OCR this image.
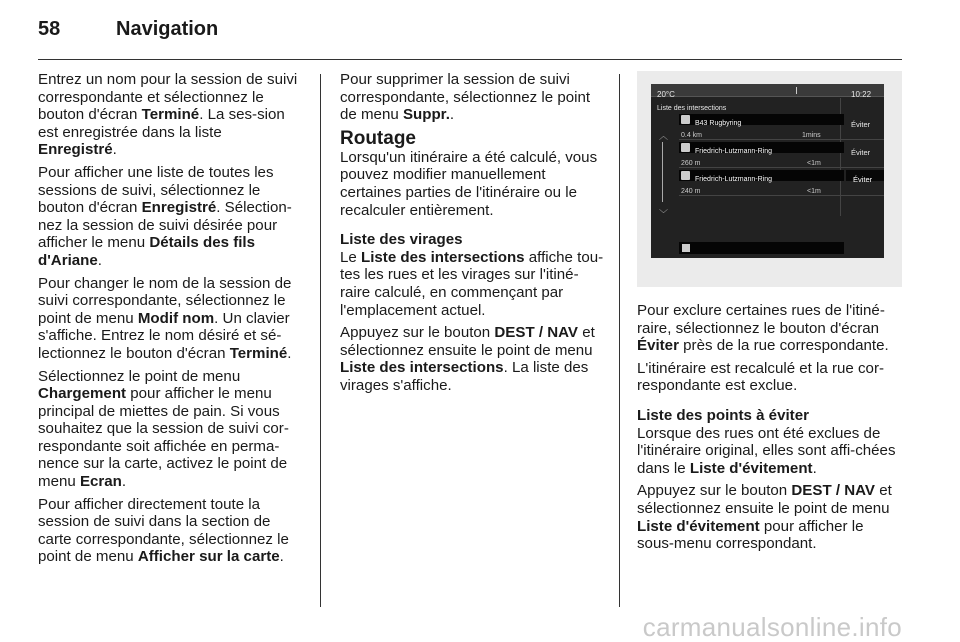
58	Navigation

Entrez un nom pour la session de suivi correspondante et sélectionnez le bouton d'écran Terminé. La ses-sion est enregistrée dans la liste Enregistré.

Pour afficher une liste de toutes les sessions de suivi, sélectionnez le bouton d'écran Enregistré. Sélection-nez la session de suivi désirée pour afficher le menu Détails des fils d'Ariane.

Pour changer le nom de la session de suivi correspondante, sélectionnez le point de menu Modif nom. Un clavier s'affiche. Entrez le nom désiré et sé-lectionnez le bouton d'écran Terminé.

Sélectionnez le point de menu Chargement pour afficher le menu principal de miettes de pain. Si vous souhaitez que la session de suivi cor-respondante soit affichée en perma-nence sur la carte, activez le point de menu Ecran.

Pour afficher directement toute la session de suivi dans la section de carte correspondante, sélectionnez le point de menu Afficher sur la carte.

Pour supprimer la session de suivi correspondante, sélectionnez le point de menu Suppr..

Routage

Lorsqu'un itinéraire a été calculé, vous pouvez modifier manuellement certaines parties de l'itinéraire ou le recalculer entièrement.

Liste des virages

Le Liste des intersections affiche tou-tes les rues et les virages sur l'itiné-raire calculé, en commençant par l'emplacement actuel.

Appuyez sur le bouton DEST / NAV et sélectionnez ensuite le point de menu Liste des intersections. La liste des virages s'affiche.

20°C	10:22
Liste des intersections
︿
﹀
B43 Rugbyring
0.4 km	1mins
Éviter
Friedrich-Lutzmann-Ring
260 m	<1m
Éviter
Friedrich-Lutzmann-Ring
240 m	<1m
Éviter

Pour exclure certaines rues de l'itiné-raire, sélectionnez le bouton d'écran Éviter près de la rue correspondante.

L'itinéraire est recalculé et la rue cor-respondante est exclue.

Liste des points à éviter

Lorsque des rues ont été exclues de l'itinéraire original, elles sont affi-chées dans le Liste d'évitement.

Appuyez sur le bouton DEST / NAV et sélectionnez ensuite le point de menu Liste d'évitement pour afficher le sous-menu correspondant.

carmanualsonline.info
